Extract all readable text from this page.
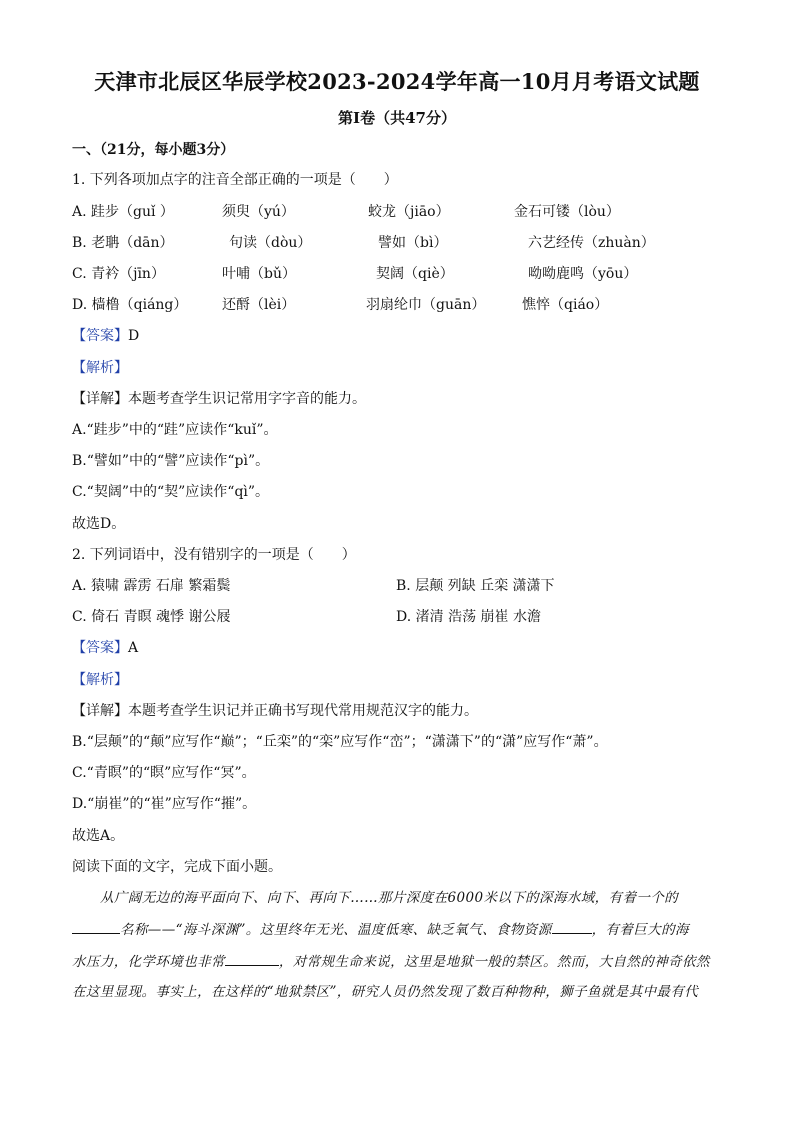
天津市北辰区华辰学校2023-2024学年高一10月月考语文试题
第Ⅰ卷（共47分）
一、（21分，每小题3分）
1. 下列各项加点字的注音全部正确的一项是（　　）
A. 跬步（guǐ ）	须臾（yú）	蛟龙（jiāo）	金石可镂（lòu）
B. 老聃（dān）	句读（dòu）	譬如（bì）	六艺经传（zhuàn）
C. 青衿（jīn）	叶哺（bǔ）	契阔（qiè）	呦呦鹿鸣（yōu）
D. 樯橹（qiáng） 还酹（lèi）	羽扇纶巾（guān）	憔悴（qiáo）
【答案】D
【解析】
【详解】本题考查学生识记常用字字音的能力。
A.“跬步”中的“跬”应读作“kuǐ”。
B.“譬如”中的“譬”应读作“pì”。
C.“契阔”中的“契”应读作“qì”。
故选D。
2. 下列词语中，没有错别字的一项是（　　）
A. 猿啸 霹雳 石扉 繁霜鬓	B. 层颠 列缺 丘栾 潇潇下
C. 倚石 青瞑 魂悸 谢公屐	D. 渚清 浩荡 崩崔 水澹
【答案】A
【解析】
【详解】本题考查学生识记并正确书写现代常用规范汉字的能力。
B.“层颠”的“颠”应写作“巅”；“丘栾”的“栾”应写作“峦”；“潇潇下”的“潇”应写作“萧”。
C.“青瞑”的“瞑”应写作“冥”。
D.“崩崔”的“崔”应写作“摧”。
故选A。
阅读下面的文字，完成下面小题。
从广阔无边的海平面向下、向下、再向下……那片深度在6000米以下的深海水域，有着一个的
名称——“海斗深渊”。这里终年无光、温度低寒、缺乏氧气、食物资源	，有着巨大的海
水压力，化学环境也非常	，对常规生命来说，这里是地狱一般的禁区。然而，大自然的神奇依然
在这里显现。事实上，在这样的“地狱禁区”，研究人员仍然发现了数百种物种，狮子鱼就是其中最有代
